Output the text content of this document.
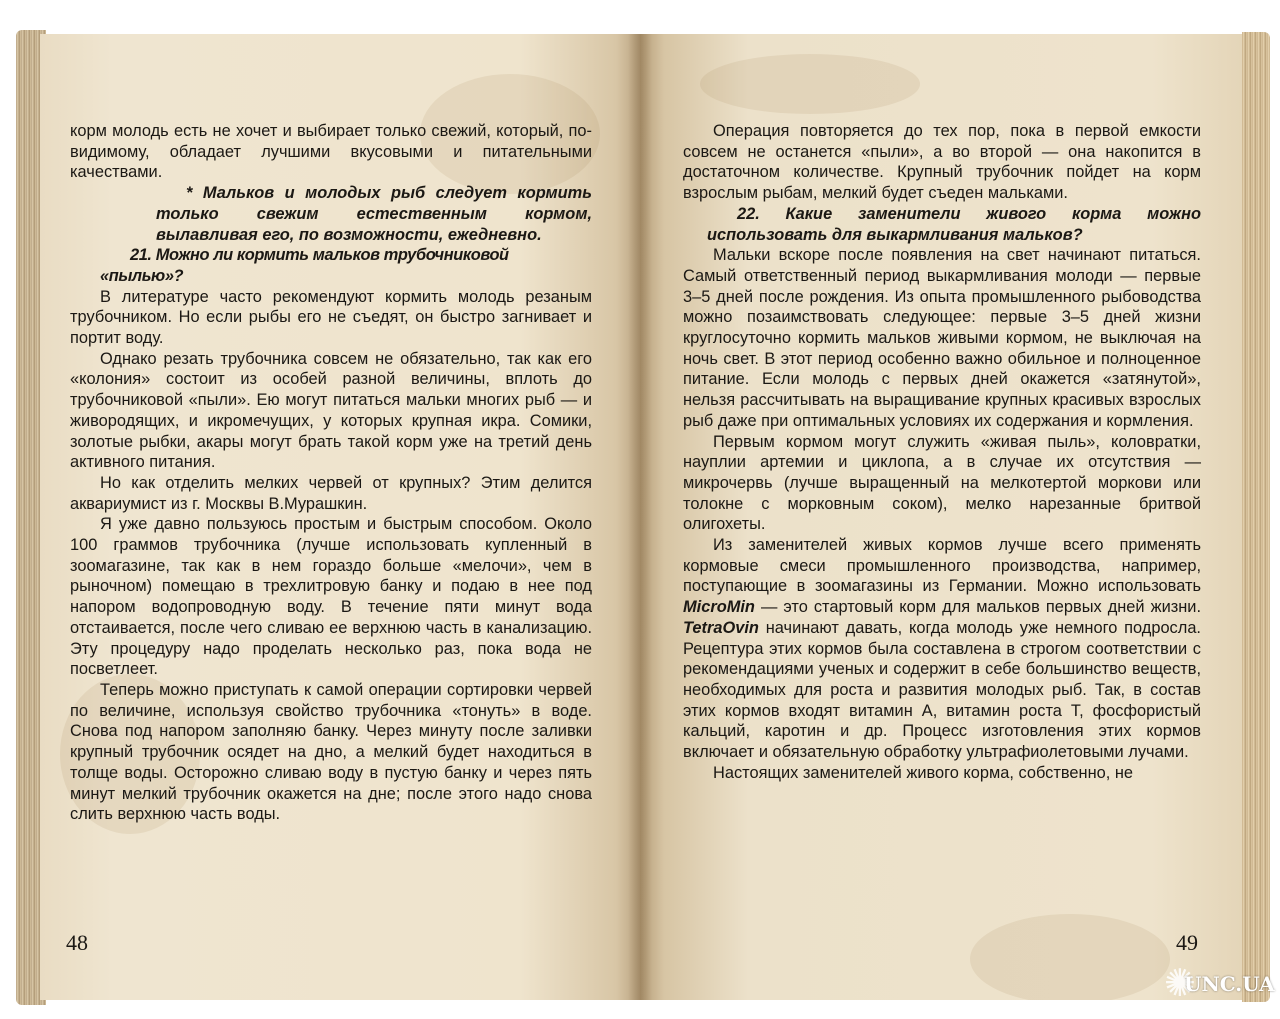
корм молодь есть не хочет и выбирает только свежий, который, по-видимому, обладает лучшими вкусовыми и питательными качествами.

* Мальков и молодых рыб следует кормить только свежим естественным кормом, вылавливая его, по возможности, ежедневно.

21. Можно ли кормить мальков трубочниковой «пылью»?

В литературе часто рекомендуют кормить молодь резаным трубочником. Но если рыбы его не съедят, он быстро загнивает и портит воду.

Однако резать трубочника совсем не обязательно, так как его «колония» состоит из особей разной величины, вплоть до трубочниковой «пыли». Ею могут питаться мальки многих рыб — и живородящих, и икромечущих, у которых крупная икра. Сомики, золотые рыбки, акары могут брать такой корм уже на третий день активного питания.

Но как отделить мелких червей от крупных? Этим делится аквариумист из г. Москвы В.Мурашкин.

Я уже давно пользуюсь простым и быстрым способом. Около 100 граммов трубочника (лучше использовать купленный в зоомагазине, так как в нем гораздо больше «мелочи», чем в рыночном) помещаю в трехлитровую банку и подаю в нее под напором водопроводную воду. В течение пяти минут вода отстаивается, после чего сливаю ее верхнюю часть в канализацию. Эту процедуру надо проделать несколько раз, пока вода не посветлеет.

Теперь можно приступать к самой операции сортировки червей по величине, используя свойство трубочника «тонуть» в воде. Снова под напором заполняю банку. Через минуту после заливки крупный трубочник осядет на дно, а мелкий будет находиться в толще воды. Осторожно сливаю воду в пустую банку и через пять минут мелкий трубочник окажется на дне; после этого надо снова слить верхнюю часть воды.

48

Операция повторяется до тех пор, пока в первой емкости совсем не останется «пыли», а во второй — она накопится в достаточном количестве. Крупный трубочник пойдет на корм взрослым рыбам, мелкий будет съеден мальками.

22. Какие заменители живого корма можно использовать для выкармливания мальков?

Мальки вскоре после появления на свет начинают питаться. Самый ответственный период выкармливания молоди — первые 3–5 дней после рождения. Из опыта промышленного рыбоводства можно позаимствовать следующее: первые 3–5 дней жизни круглосуточно кормить мальков живыми кормом, не выключая на ночь свет. В этот период особенно важно обильное и полноценное питание. Если молодь с первых дней окажется «затянутой», нельзя рассчитывать на выращивание крупных красивых взрослых рыб даже при оптимальных условиях их содержания и кормления.

Первым кормом могут служить «живая пыль», коловратки, науплии артемии и циклопа, а в случае их отсутствия — микрочервь (лучше выращенный на мелкотертой моркови или толокне с морковным соком), мелко нарезанные бритвой олигохеты.

Из заменителей живых кормов лучше всего применять кормовые смеси промышленного производства, например, поступающие в зоомагазины из Германии. Можно использовать MicroMin — это стартовый корм для мальков первых дней жизни. TetraOvin начинают давать, когда молодь уже немного подросла. Рецептура этих кормов была составлена в строгом соответствии с рекомендациями ученых и содержит в себе большинство веществ, необходимых для роста и развития молодых рыб. Так, в состав этих кормов входят витамин А, витамин роста Т, фосфористый кальций, каротин и др. Процесс изготовления этих кормов включает и обязательную обработку ультрафиолетовыми лучами.

Настоящих заменителей живого корма, собственно, не

49
✺
UNC.UA
